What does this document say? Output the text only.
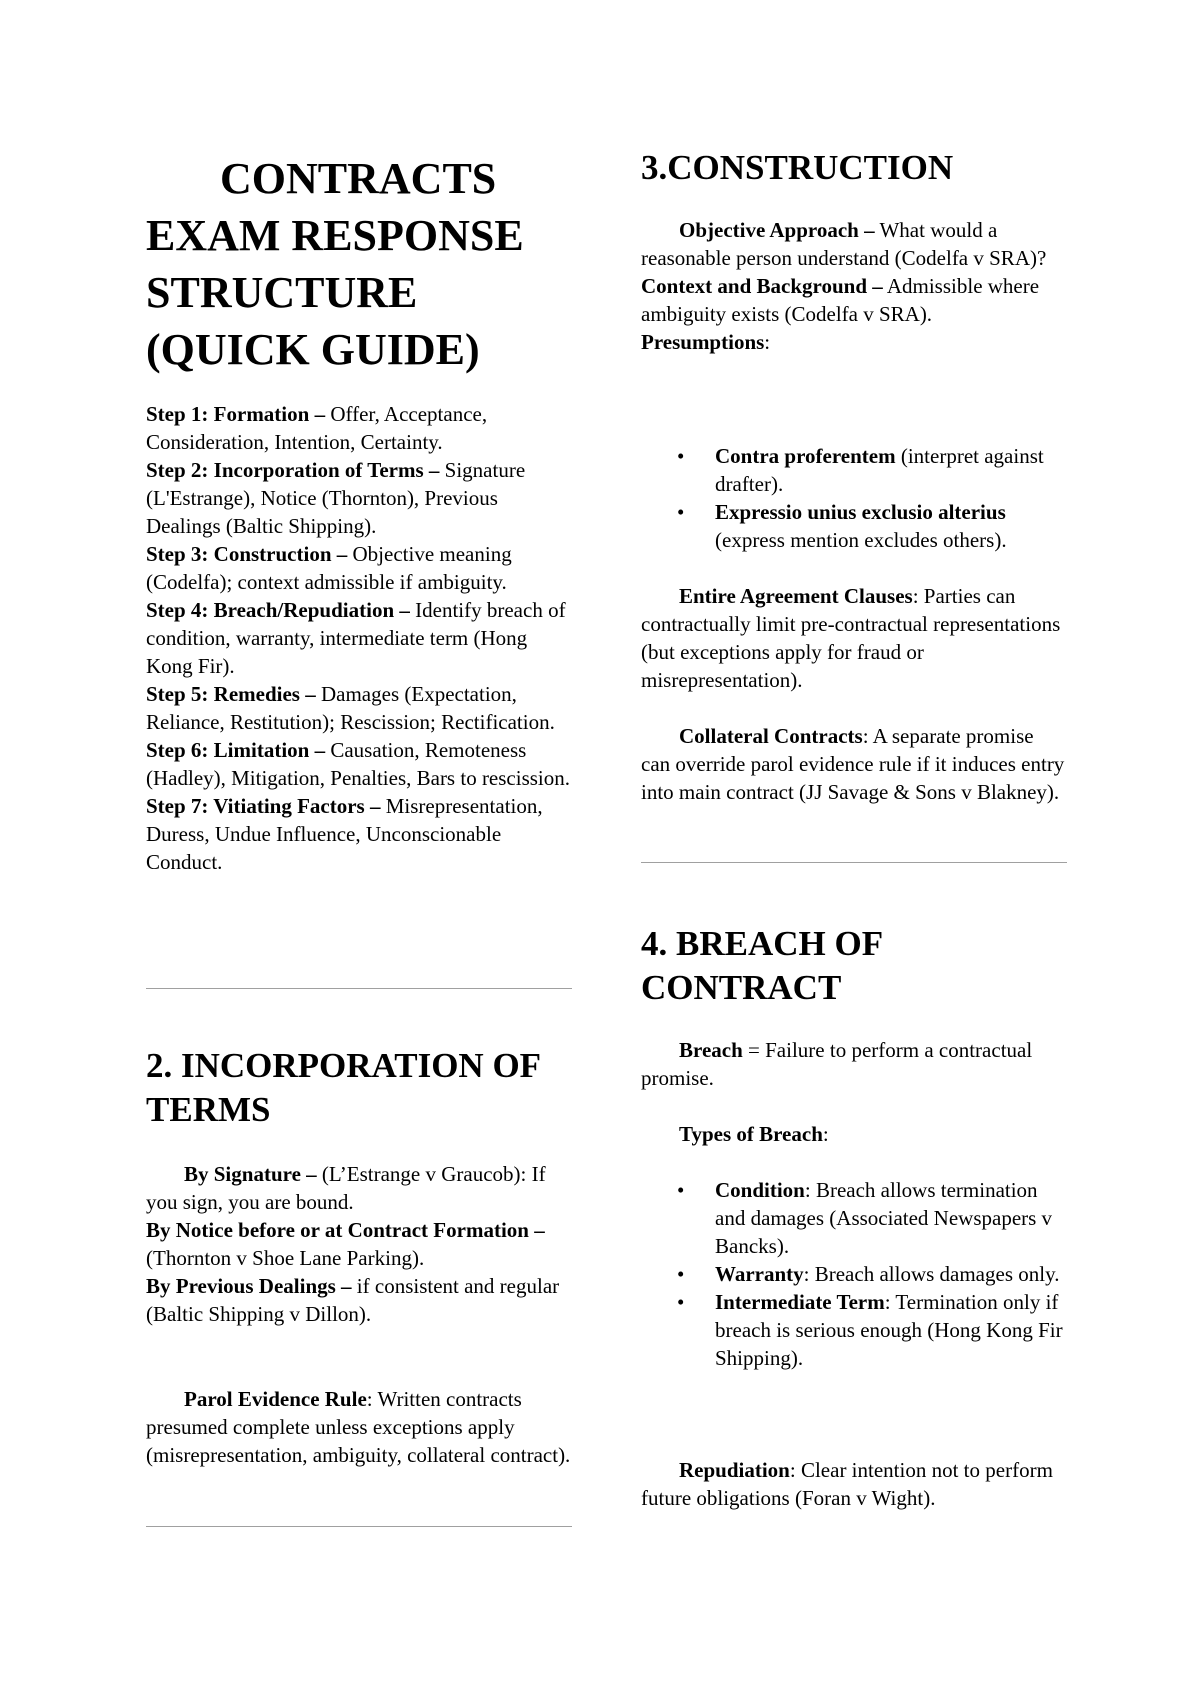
CONTRACTS EXAM RESPONSE STRUCTURE (QUICK GUIDE)
Step 1: Formation – Offer, Acceptance, Consideration, Intention, Certainty.
Step 2: Incorporation of Terms – Signature (L'Estrange), Notice (Thornton), Previous Dealings (Baltic Shipping).
Step 3: Construction – Objective meaning (Codelfa); context admissible if ambiguity.
Step 4: Breach/Repudiation – Identify breach of condition, warranty, intermediate term (Hong Kong Fir).
Step 5: Remedies – Damages (Expectation, Reliance, Restitution); Rescission; Rectification.
Step 6: Limitation – Causation, Remoteness (Hadley), Mitigation, Penalties, Bars to rescission.
Step 7: Vitiating Factors – Misrepresentation, Duress, Undue Influence, Unconscionable Conduct.
2. INCORPORATION OF TERMS

By Signature – (L’Estrange v Graucob): If you sign, you are bound.
By Notice before or at Contract Formation – (Thornton v Shoe Lane Parking).
By Previous Dealings – if consistent and regular (Baltic Shipping v Dillon).

Parol Evidence Rule: Written contracts presumed complete unless exceptions apply (misrepresentation, ambiguity, collateral contract).

3.CONSTRUCTION

Objective Approach – What would a reasonable person understand (Codelfa v SRA)?
Context and Background – Admissible where ambiguity exists (Codelfa v SRA).
Presumptions:

• Contra proferentem (interpret against drafter).
• Expressio unius exclusio alterius (express mention excludes others).

Entire Agreement Clauses: Parties can contractually limit pre-contractual representations (but exceptions apply for fraud or misrepresentation).

Collateral Contracts: A separate promise can override parol evidence rule if it induces entry into main contract (JJ Savage & Sons v Blakney).

4. BREACH OF CONTRACT

Breach = Failure to perform a contractual promise.

Types of Breach:

• Condition: Breach allows termination and damages (Associated Newspapers v Bancks).
• Warranty: Breach allows damages only.
• Intermediate Term: Termination only if breach is serious enough (Hong Kong Fir Shipping).

Repudiation: Clear intention not to perform future obligations (Foran v Wight).
